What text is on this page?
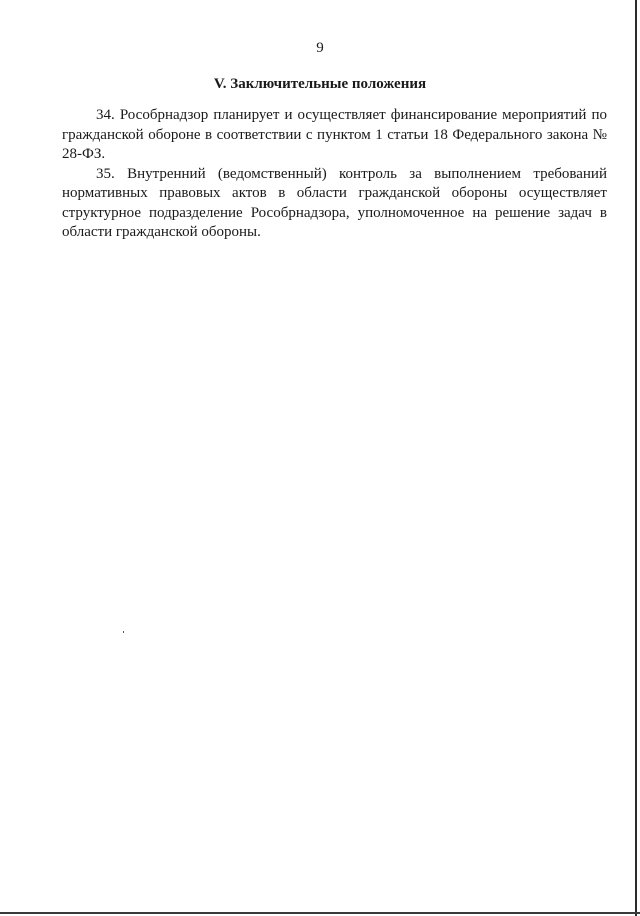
9
V. Заключительные положения

34. Рособрнадзор планирует и осуществляет финансирование мероприятий по гражданской обороне в соответствии с пунктом 1 статьи 18 Федерального закона № 28-ФЗ.

35. Внутренний (ведомственный) контроль за выполнением требований нормативных правовых актов в области гражданской обороны осуществляет структурное подразделение Рособрнадзора, уполномоченное на решение задач в области гражданской обороны.
